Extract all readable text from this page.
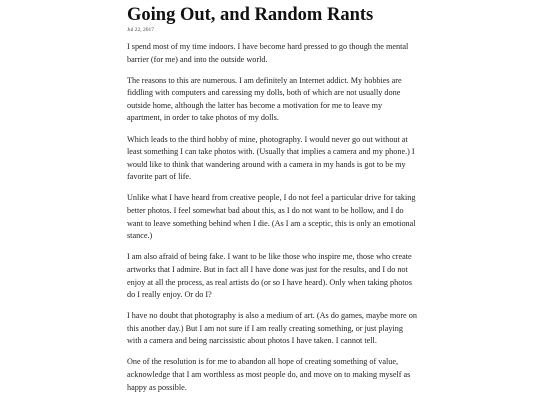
Going Out, and Random Rants
Jul 22, 2017

I spend most of my time indoors. I have become hard pressed to go though the mental barrier (for me) and into the outside world.

The reasons to this are numerous. I am definitely an Internet addict. My hobbies are fiddling with computers and caressing my dolls, both of which are not usually done outside home, although the latter has become a motivation for me to leave my apartment, in order to take photos of my dolls.

Which leads to the third hobby of mine, photography. I would never go out without at least something I can take photos with. (Usually that implies a camera and my phone.) I would like to think that wandering around with a camera in my hands is got to be my favorite part of life.

Unlike what I have heard from creative people, I do not feel a particular drive for taking better photos. I feel somewhat bad about this, as I do not want to be hollow, and I do want to leave something behind when I die. (As I am a sceptic, this is only an emotional stance.)

I am also afraid of being fake. I want to be like those who inspire me, those who create artworks that I admire. But in fact all I have done was just for the results, and I do not enjoy at all the process, as real artists do (or so I have heard). Only when taking photos do I really enjoy. Or do I?

I have no doubt that photography is also a medium of art. (As do games, maybe more on this another day.) But I am not sure if I am really creating something, or just playing with a camera and being narcissistic about photos I have taken. I cannot tell.

One of the resolution is for me to abandon all hope of creating something of value, acknowledge that I am worthless as most people do, and move on to making myself as happy as possible.
